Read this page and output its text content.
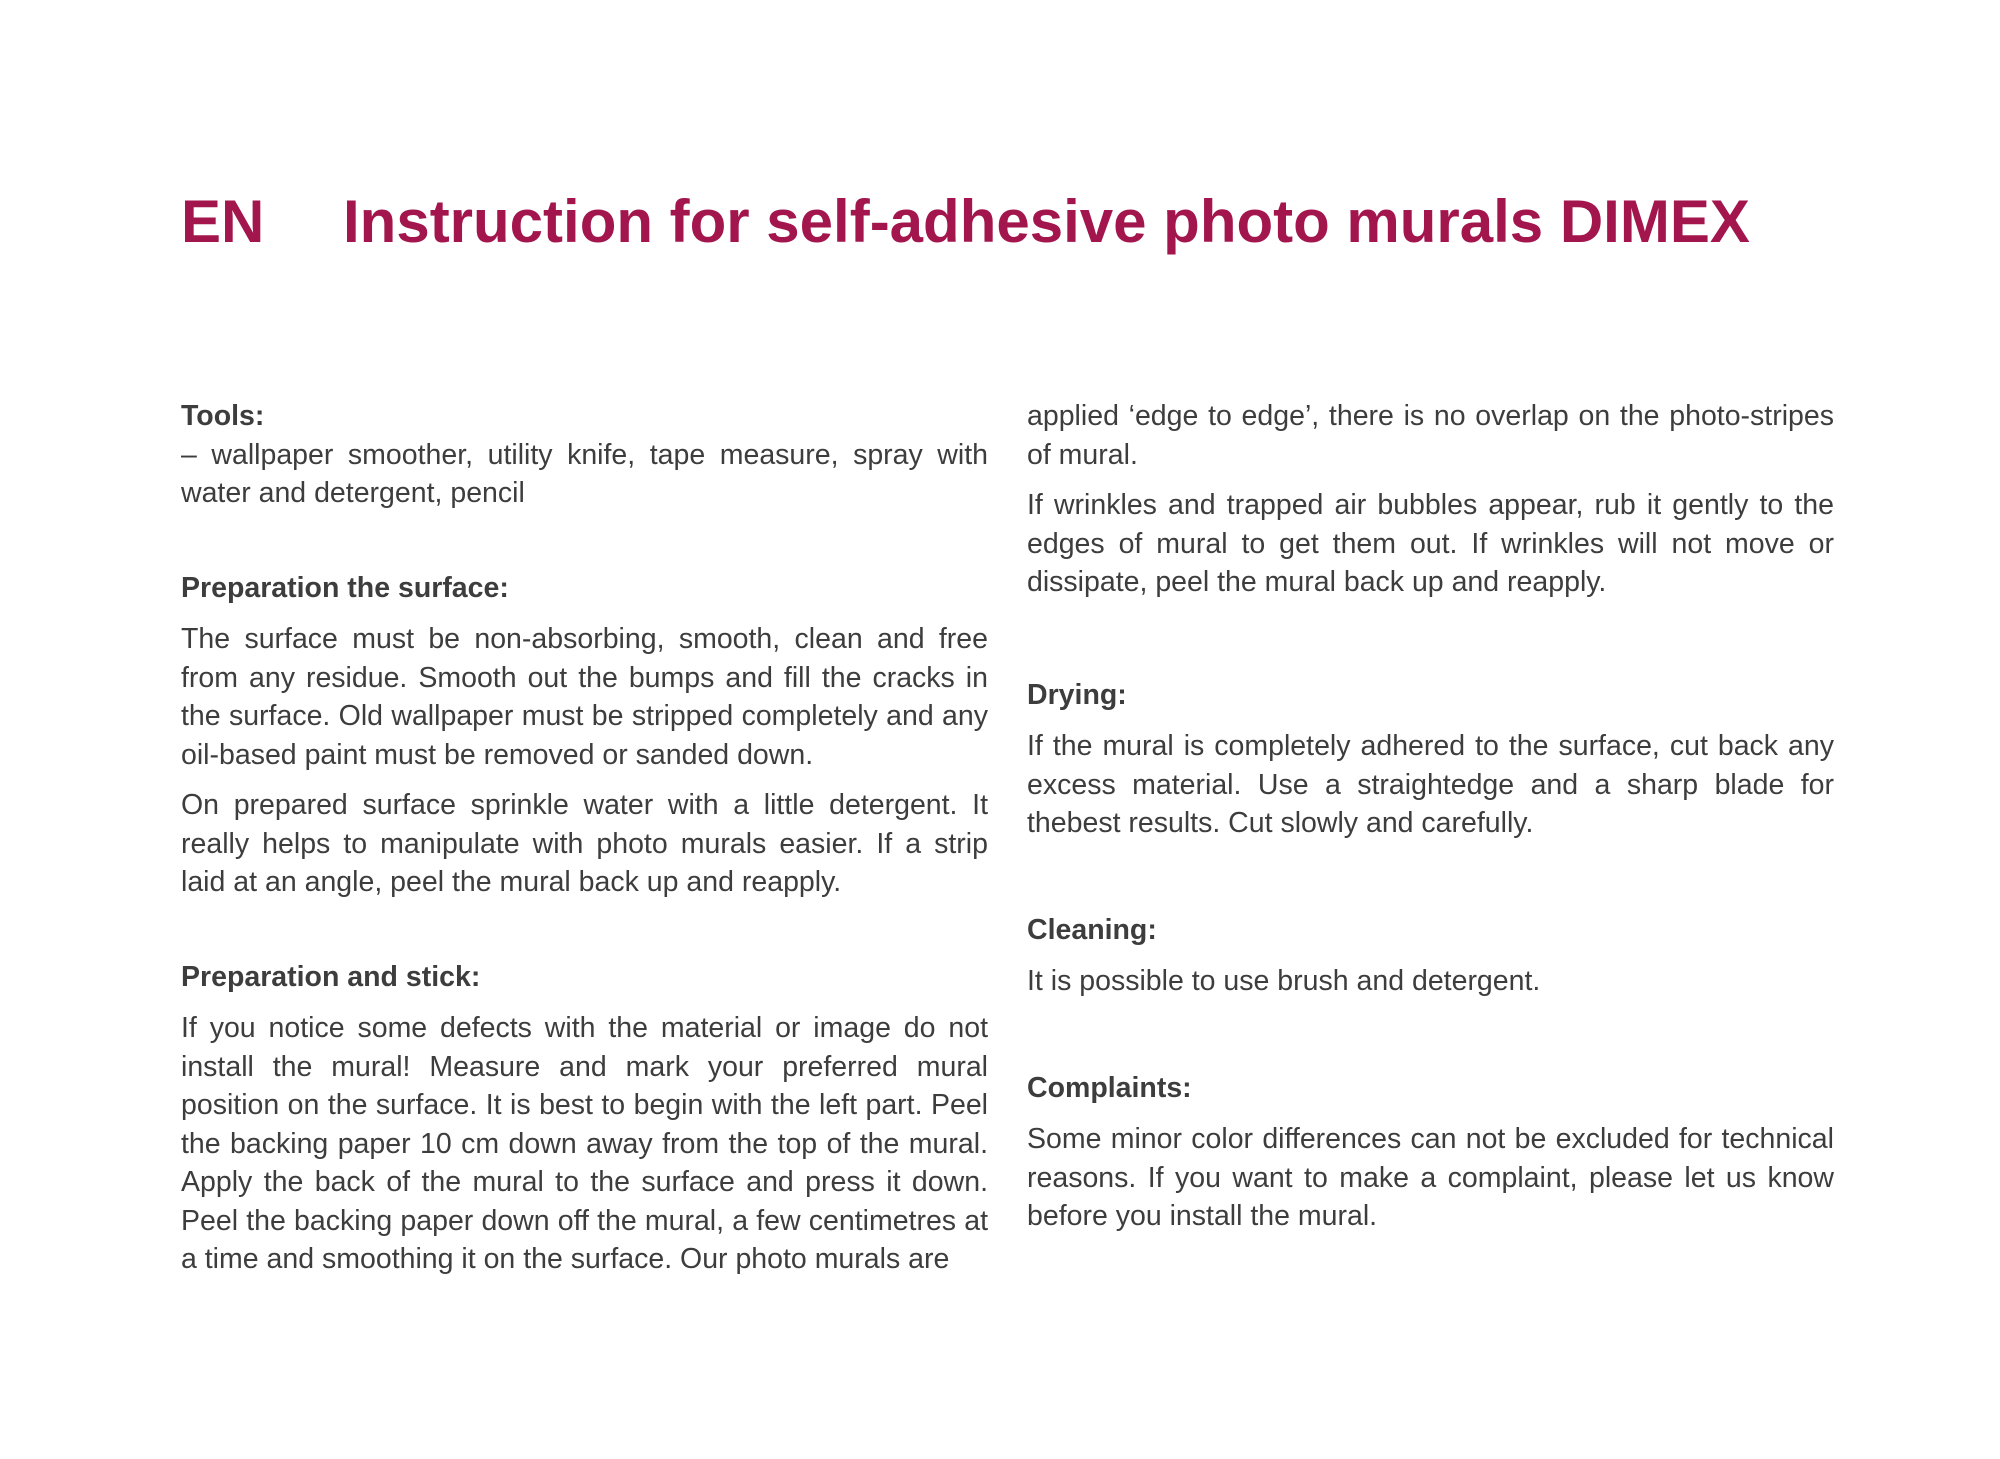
EN	Instruction for self-adhesive photo murals DIMEX
Tools:

– wallpaper smoother, utility knife, tape measure, spray with water and detergent, pencil

Preparation the surface:

The surface must be non-absorbing, smooth, clean and free from any residue. Smooth out the bumps and fill the cracks in the surface. Old wallpaper must be stripped completely and any oil-based paint must be removed or sanded down.

On prepared surface sprinkle water with a little detergent. It really helps to manipulate with photo murals easier. If a strip laid at an angle, peel the mural back up and reapply.

Preparation and stick:

If you notice some defects with the material or image do not install the mural! Measure and mark your preferred mural position on the surface. It is best to begin with the left part. Peel the backing paper 10 cm down away from the top of the mural. Apply the back of the mural to the surface and press it down. Peel the backing paper down off the mural, a few centimetres at a time and smoothing it on the surface. Our photo murals are

applied ‘edge to edge’, there is no overlap on the photo-stripes of mural.

If wrinkles and trapped air bubbles appear, rub it gently to the edges of mural to get them out. If wrinkles will not move or dissipate, peel the mural back up and reapply.

Drying:

If the mural is completely adhered to the surface, cut back any excess material. Use a straightedge and a sharp blade for thebest results. Cut slowly and carefully.

Cleaning:

It is possible to use brush and detergent.

Complaints:

Some minor color differences can not be excluded for technical reasons. If you want to make a complaint, please let us know before you install the mural.
